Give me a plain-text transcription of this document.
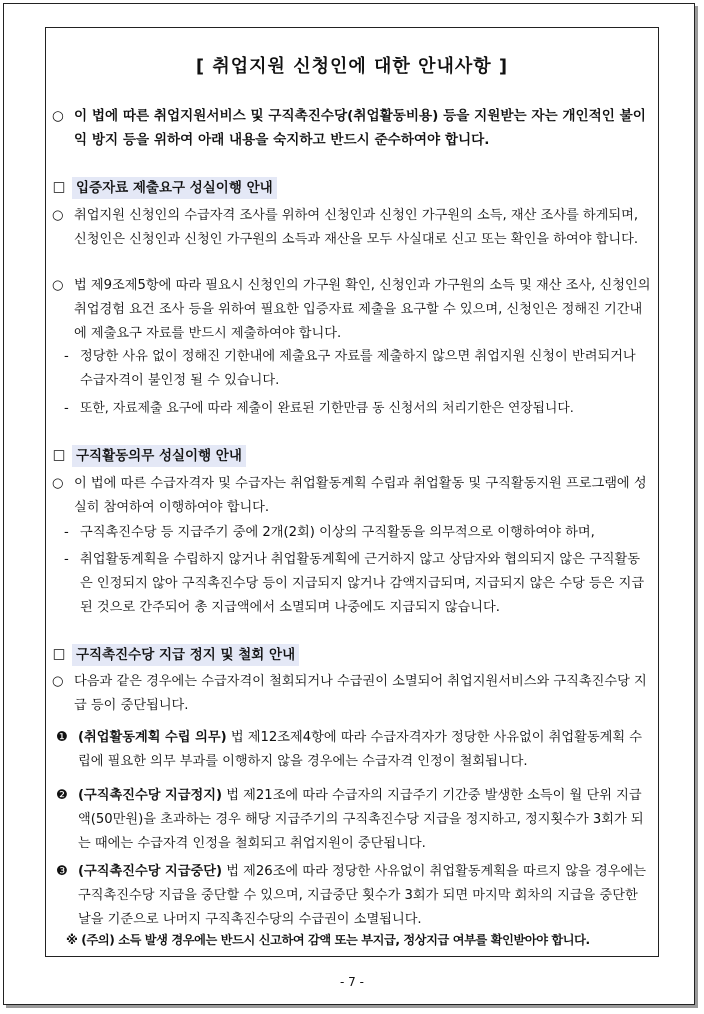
[ 취업지원 신청인에 대한 안내사항 ]
○ 이 법에 따른 취업지원서비스 및 구직촉진수당(취업활동비용) 등을 지원받는 자는 개인적인 불이익 방지 등을 위하여 아래 내용을 숙지하고 반드시 준수하여야 합니다.
□ 입증자료 제출요구 성실이행 안내
○ 취업지원 신청인의 수급자격 조사를 위하여 신청인과 신청인 가구원의 소득, 재산 조사를 하게되며, 신청인은 신청인과 신청인 가구원의 소득과 재산을 모두 사실대로 신고 또는 확인을 하여야 합니다.
○ 법 제9조제5항에 따라 필요시 신청인의 가구원 확인, 신청인과 가구원의 소득 및 재산 조사, 신청인의 취업경험 요건 조사 등을 위하여 필요한 입증자료 제출을 요구할 수 있으며, 신청인은 정해진 기간내에 제출요구 자료를 반드시 제출하여야 합니다.
- 정당한 사유 없이 정해진 기한내에 제출요구 자료를 제출하지 않으면 취업지원 신청이 반려되거나 수급자격이 불인정 될 수 있습니다.
- 또한, 자료제출 요구에 따라 제출이 완료된 기한만큼 동 신청서의 처리기한은 연장됩니다.
□ 구직활동의무 성실이행 안내
○ 이 법에 따른 수급자격자 및 수급자는 취업활동계획 수립과 취업활동 및 구직활동지원 프로그램에 성실히 참여하여 이행하여야 합니다.
- 구직촉진수당 등 지급주기 중에 2개(2회) 이상의 구직활동을 의무적으로 이행하여야 하며,
- 취업활동계획을 수립하지 않거나 취업활동계획에 근거하지 않고 상담자와 협의되지 않은 구직활동은 인정되지 않아 구직촉진수당 등이 지급되지 않거나 감액지급되며, 지급되지 않은 수당 등은 지급된 것으로 간주되어 총 지급액에서 소멸되며 나중에도 지급되지 않습니다.
□ 구직촉진수당 지급 정지 및 철회 안내
○ 다음과 같은 경우에는 수급자격이 철회되거나 수급권이 소멸되어 취업지원서비스와 구직촉진수당 지급 등이 중단됩니다.
❶ (취업활동계획 수립 의무) 법 제12조제4항에 따라 수급자격자가 정당한 사유없이 취업활동계획 수립에 필요한 의무 부과를 이행하지 않을 경우에는 수급자격 인정이 철회됩니다.
❷ (구직촉진수당 지급정지) 법 제21조에 따라 수급자의 지급주기 기간중 발생한 소득이 월 단위 지급액(50만원)을 초과하는 경우 해당 지급주기의 구직촉진수당 지급을 정지하고, 정지횟수가 3회가 되는 때에는 수급자격 인정을 철회되고 취업지원이 중단됩니다.
❸ (구직촉진수당 지급중단) 법 제26조에 따라 정당한 사유없이 취업활동계획을 따르지 않을 경우에는 구직촉진수당 지급을 중단할 수 있으며, 지급중단 횟수가 3회가 되면 마지막 회차의 지급을 중단한 날을 기준으로 나머지 구직촉진수당의 수급권이 소멸됩니다.
※ (주의) 소득 발생 경우에는 반드시 신고하여 감액 또는 부지급, 정상지급 여부를 확인받아야 합니다.
- 7 -
